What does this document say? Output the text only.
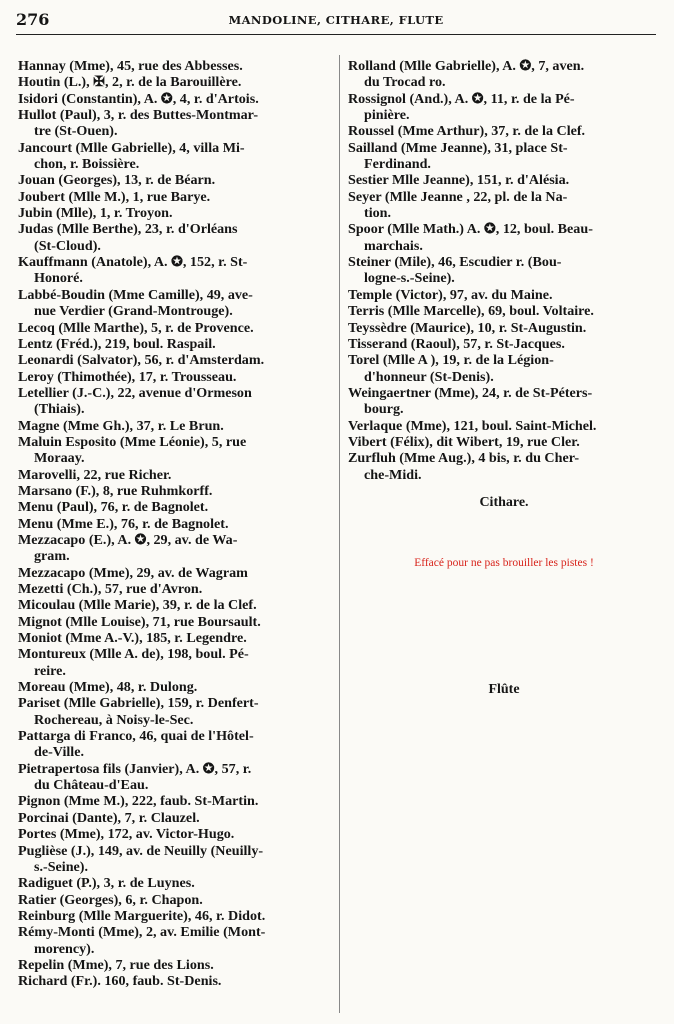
276	MANDOLINE, CITHARE, FLUTE
Hannay (Mme), 45, rue des Abbesses.
Houtin (L.), ✠, 2, r. de la Barouillère.
Isidori (Constantin), A. ✪, 4, r. d'Artois.
Hullot (Paul), 3, r. des Buttes-Montmar-
tre (St-Ouen).
Jancourt (Mlle Gabrielle), 4, villa Mi-
chon, r. Boissière.
Jouan (Georges), 13, r. de Béarn.
Joubert (Mlle M.), 1, rue Barye.
Jubin (Mlle), 1, r. Troyon.
Judas (Mlle Berthe), 23, r. d'Orléans
(St-Cloud).
Kauffmann (Anatole), A. ✪, 152, r. St-
Honoré.
Labbé-Boudin (Mme Camille), 49, ave-
nue Verdier (Grand-Montrouge).
Lecoq (Mlle Marthe), 5, r. de Provence.
Lentz (Fréd.), 219, boul. Raspail.
Leonardi (Salvator), 56, r. d'Amsterdam.
Leroy (Thimothée), 17, r. Trousseau.
Letellier (J.-C.), 22, avenue d'Ormeson
(Thiais).
Magne (Mme Gh.), 37, r. Le Brun.
Maluin Esposito (Mme Léonie), 5, rue
Moraay.
Marovelli, 22, rue Richer.
Marsano (F.), 8, rue Ruhmkorff.
Menu (Paul), 76, r. de Bagnolet.
Menu (Mme E.), 76, r. de Bagnolet.
Mezzacapo (E.), A. ✪, 29, av. de Wa-
gram.
Mezzacapo (Mme), 29, av. de Wagram
Mezetti (Ch.), 57, rue d'Avron.
Micoulau (Mlle Marie), 39, r. de la Clef.
Mignot (Mlle Louise), 71, rue Boursault.
Moniot (Mme A.-V.), 185, r. Legendre.
Montureux (Mlle A. de), 198, boul. Pé-
reire.
Moreau (Mme), 48, r. Dulong.
Pariset (Mlle Gabrielle), 159, r. Denfert-
Rochereau, à Noisy-le-Sec.
Pattarga di Franco, 46, quai de l'Hôtel-
de-Ville.
Pietrapertosa fils (Janvier), A. ✪, 57, r.
du Château-d'Eau.
Pignon (Mme M.), 222, faub. St-Martin.
Porcinai (Dante), 7, r. Clauzel.
Portes (Mme), 172, av. Victor-Hugo.
Puglièse (J.), 149, av. de Neuilly (Neuilly-
s.-Seine).
Radiguet (P.), 3, r. de Luynes.
Ratier (Georges), 6, r. Chapon.
Reinburg (Mlle Marguerite), 46, r. Didot.
Rémy-Monti (Mme), 2, av. Emilie (Mont-
morency).
Repelin (Mme), 7, rue des Lions.
Richard (Fr.). 160, faub. St-Denis.
Rolland (Mlle Gabrielle), A. ✪, 7, aven.
du Trocad ro.
Rossignol (And.), A. ✪, 11, r. de la Pé-
pinière.
Roussel (Mme Arthur), 37, r. de la Clef.
Sailland (Mme Jeanne), 31, place St-
Ferdinand.
Sestier Mlle Jeanne), 151, r. d'Alésia.
Seyer (Mlle Jeanne , 22, pl. de la Na-
tion.
Spoor (Mlle Math.) A. ✪, 12, boul. Beau-
marchais.
Steiner (Mile), 46, Escudier r. (Bou-
logne-s.-Seine).
Temple (Victor), 97, av. du Maine.
Terris (Mlle Marcelle), 69, boul. Voltaire.
Teyssèdre (Maurice), 10, r. St-Augustin.
Tisserand (Raoul), 57, r. St-Jacques.
Torel (Mlle A ), 19, r. de la Légion-
d'honneur (St-Denis).
Weingaertner (Mme), 24, r. de St-Péters-
bourg.
Verlaque (Mme), 121, boul. Saint-Michel.
Vibert (Félix), dit Wibert, 19, rue Cler.
Zurfluh (Mme Aug.), 4 bis, r. du Cher-
che-Midi.
Cithare.
Effacé pour ne pas brouiller les pistes !
Flûte
